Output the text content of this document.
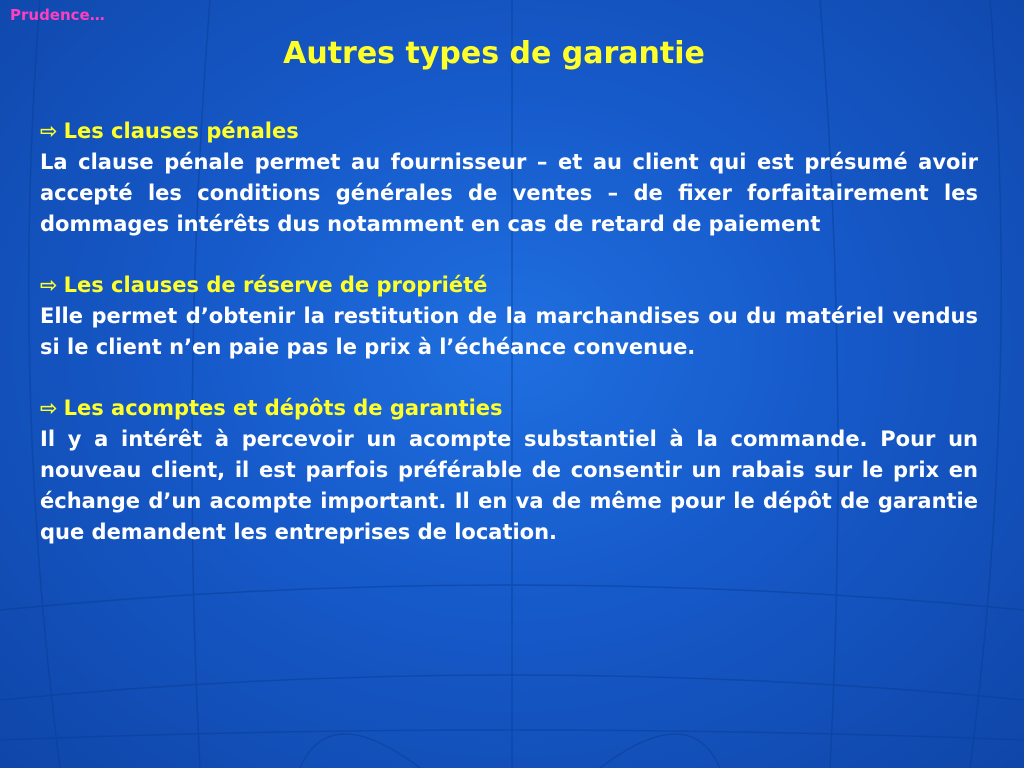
Prudence…
Autres types de garantie
⇨ Les clauses pénales

La clause pénale permet au fournisseur – et au client qui est présumé avoir accepté les conditions générales de ventes – de fixer forfaitairement les dommages intérêts dus notamment en cas de retard de paiement

⇨ Les clauses de réserve de propriété

Elle permet d’obtenir la restitution de la marchandises ou du matériel vendus si le client n’en paie pas le prix à l’échéance convenue.

⇨ Les acomptes et dépôts de garanties

Il y a intérêt à percevoir un acompte substantiel à la commande. Pour un nouveau client, il est parfois préférable de consentir un rabais sur le prix en échange d’un acompte important. Il en va de même pour le dépôt de garantie que demandent les entreprises de location.
